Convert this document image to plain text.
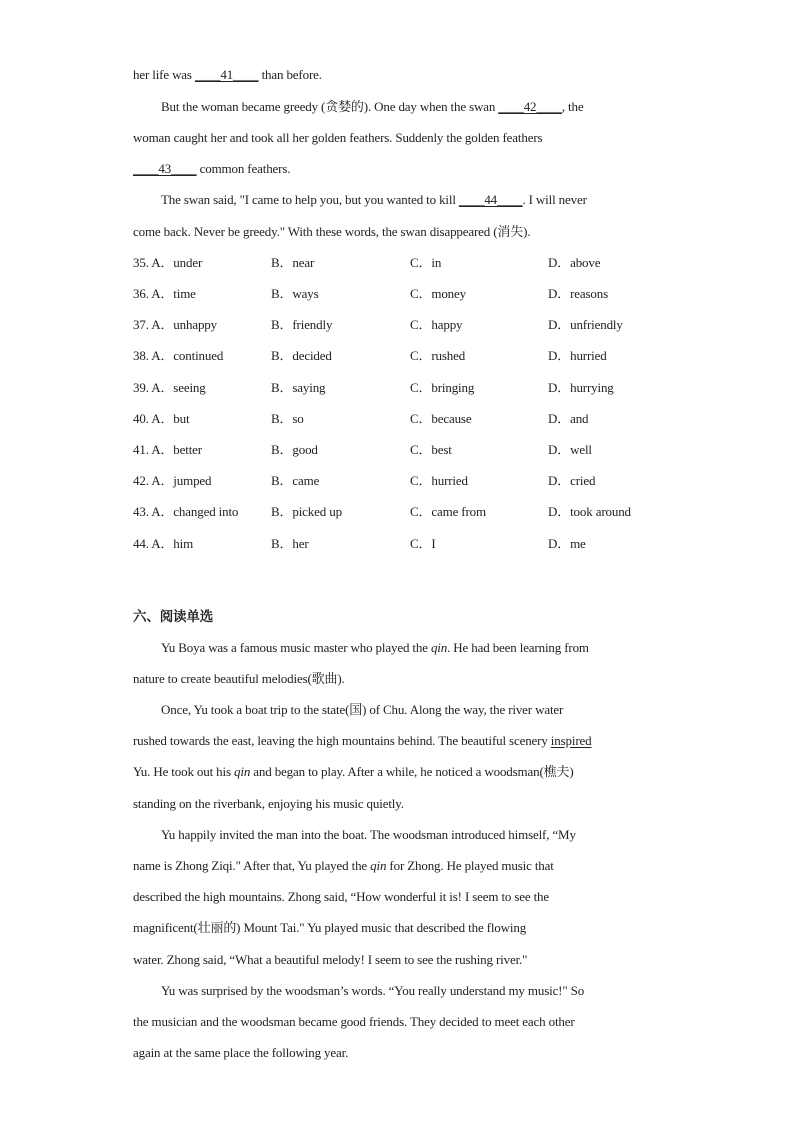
her life was ____41____ than before.
But the woman became greedy (贪婪的). One day when the swan ____42____, the
woman caught her and took all her golden feathers. Suddenly the golden feathers
____43____ common feathers.
The swan said, "I came to help you, but you wanted to kill ____44____. I will never
come back. Never be greedy." With these words, the swan disappeared (消失).
35. A．under	B．near	C．in	D．above
36. A．time	B．ways	C．money	D．reasons
37. A．unhappy	B．friendly	C．happy	D．unfriendly
38. A．continued	B．decided	C．rushed	D．hurried
39. A．seeing	B．saying	C．bringing	D．hurrying
40. A．but	B．so	C．because	D．and
41. A．better	B．good	C．best	D．well
42. A．jumped	B．came	C．hurried	D．cried
43. A．changed into	B．picked up	C．came from	D．took around
44. A．him	B．her	C．I	D．me
六、阅读单选
Yu Boya was a famous music master who played the qin. He had been learning from
nature to create beautiful melodies(歌曲).
Once, Yu took a boat trip to the state(国) of Chu. Along the way, the river water
rushed towards the east, leaving the high mountains behind. The beautiful scenery inspired
Yu. He took out his qin and began to play. After a while, he noticed a woodsman(樵夫)
standing on the riverbank, enjoying his music quietly.
Yu happily invited the man into the boat. The woodsman introduced himself, “My
name is Zhong Ziqi." After that, Yu played the qin for Zhong. He played music that
described the high mountains. Zhong said, “How wonderful it is! I seem to see the
magnificent(壮丽的) Mount Tai." Yu played music that described the flowing
water. Zhong said, “What a beautiful melody! I seem to see the rushing river."
Yu was surprised by the woodsman’s words. “You really understand my music!" So
the musician and the woodsman became good friends. They decided to meet each other
again at the same place the following year.
